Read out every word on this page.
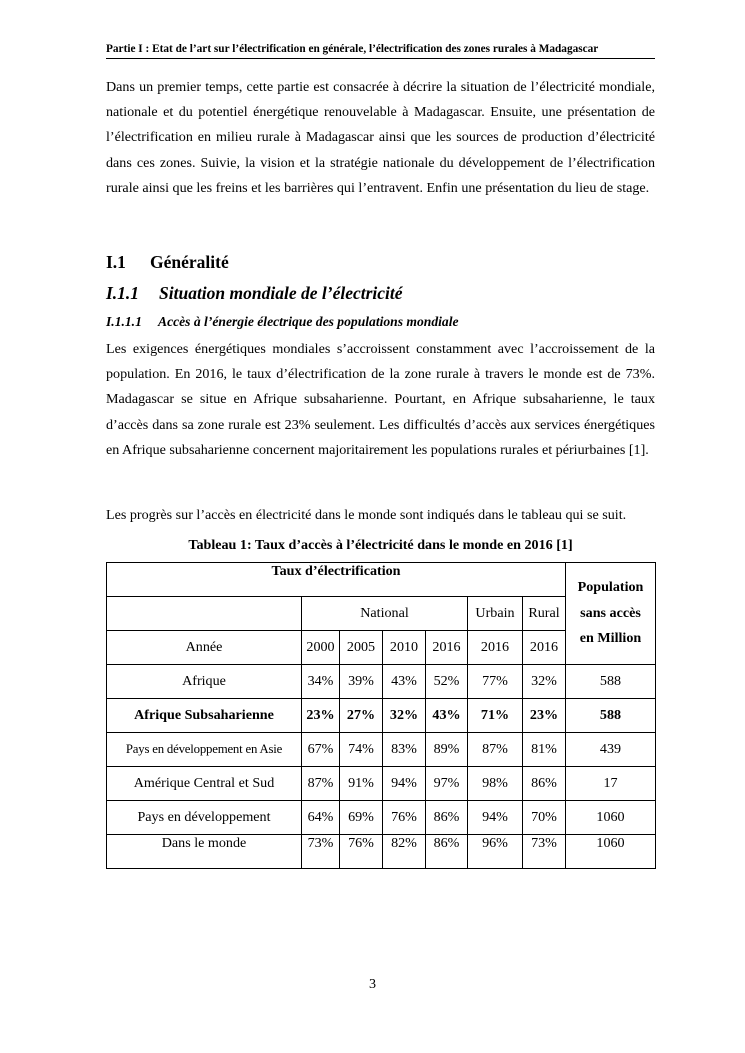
Partie I : Etat de l’art sur l’électrification en générale, l’électrification des zones rurales à Madagascar

Dans un premier temps, cette partie est consacrée à décrire la situation de l’électricité mondiale, nationale et du potentiel énergétique renouvelable à Madagascar. Ensuite, une présentation de l’électrification en milieu rurale à Madagascar ainsi que les sources de production d’électricité dans ces zones. Suivie, la vision et la stratégie nationale du développement de l’électrification rurale ainsi que les freins et les barrières qui l’entravent. Enfin une présentation du lieu de stage.

I.1 Généralité
I.1.1 Situation mondiale de l’électricité
I.1.1.1 Accès à l’énergie électrique des populations mondiale

Les exigences énergétiques mondiales s’accroissent constamment avec l’accroissement de la population. En 2016, le taux d’électrification de la zone rurale à travers le monde est de 73%. Madagascar se situe en Afrique subsaharienne. Pourtant, en Afrique subsaharienne, le taux d’accès dans sa zone rurale est 23% seulement. Les difficultés d’accès aux services énergétiques en Afrique subsaharienne concernent majoritairement les populations rurales et périurbaines [1].

Les progrès sur l’accès en électricité dans le monde sont indiqués dans le tableau qui se suit.

Tableau 1: Taux d’accès à l’électricité dans le monde en 2016 [1]
Taux d’électrification							Population
sans accès
en Million

	National				Urbain	Rural	
Année	2000	2005	2010	2016	2016	2016	
Afrique	34%	39%	43%	52%	77%	32%	588
Afrique Subsaharienne	23%	27%	32%	43%	71%	23%	588
Pays en développement en Asie	67%	74%	83%	89%	87%	81%	439
Amérique Central et Sud	87%	91%	94%	97%	98%	86%	17
Pays en développement	64%	69%	76%	86%	94%	70%	1060
Dans le monde	73%	76%	82%	86%	96%	73%	1060
3
